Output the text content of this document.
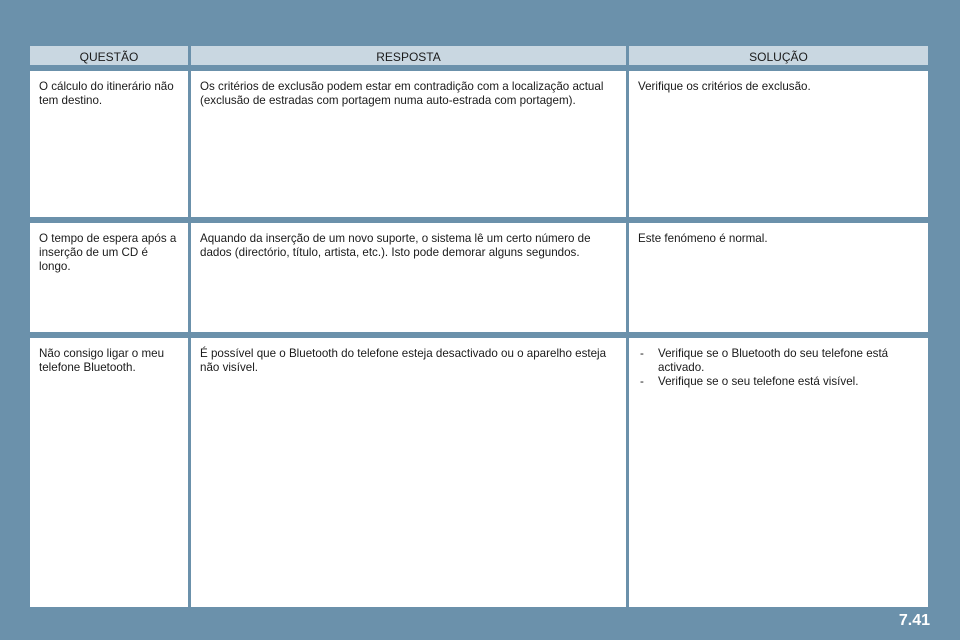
QUESTÃO	RESPOSTA	SOLUÇÃO
O cálculo do itinerário não tem destino.
Os critérios de exclusão podem estar em contradição com a localização actual (exclusão de estradas com portagem numa auto-estrada com portagem).
Verifique os critérios de exclusão.
O tempo de espera após a inserção de um CD é longo.
Aquando da inserção de um novo suporte, o sistema lê um certo número de dados (directório, título, artista, etc.). Isto pode demorar alguns segundos.
Este fenómeno é normal.
Não consigo ligar o meu telefone Bluetooth.
É possível que o Bluetooth do telefone esteja desactivado ou o aparelho esteja não visível.
- Verifique se o Bluetooth do seu telefone está activado.
- Verifique se o seu telefone está visível.
7.41
